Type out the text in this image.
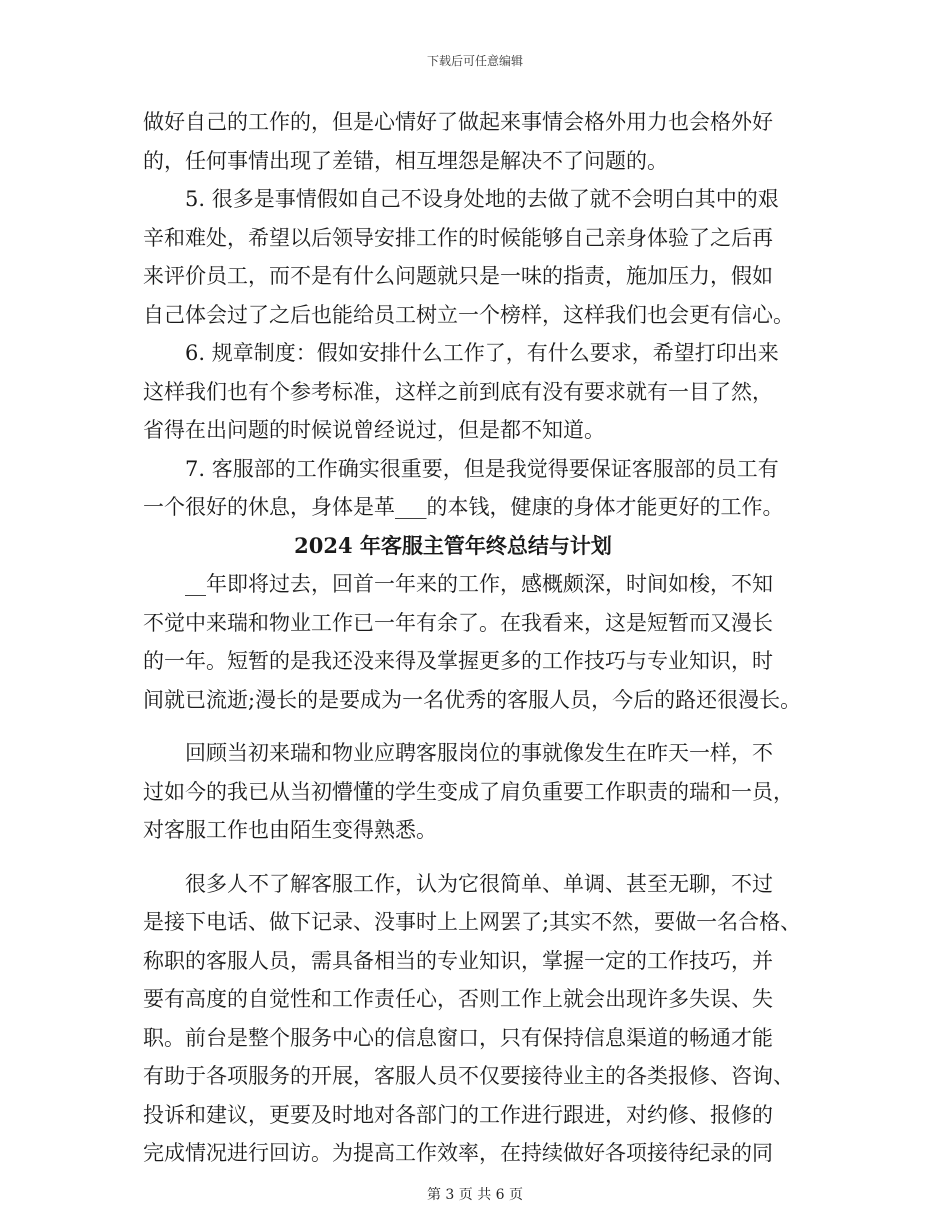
下载后可任意编辑
做好自己的工作的，但是心情好了做起来事情会格外用力也会格外好
的，任何事情出现了差错，相互埋怨是解决不了问题的。
5. 很多是事情假如自己不设身处地的去做了就不会明白其中的艰
辛和难处，希望以后领导安排工作的时候能够自己亲身体验了之后再
来评价员工，而不是有什么问题就只是一味的指责，施加压力，假如
自己体会过了之后也能给员工树立一个榜样，这样我们也会更有信心。
6. 规章制度：假如安排什么工作了，有什么要求，希望打印出来
这样我们也有个参考标准，这样之前到底有没有要求就有一目了然，
省得在出问题的时候说曾经说过，但是都不知道。
7. 客服部的工作确实很重要，但是我觉得要保证客服部的员工有
一个很好的休息，身体是革___的本钱，健康的身体才能更好的工作。
2024 年客服主管年终总结与计划
__年即将过去，回首一年来的工作，感概颇深，时间如梭，不知
不觉中来瑞和物业工作已一年有余了。在我看来，这是短暂而又漫长
的一年。短暂的是我还没来得及掌握更多的工作技巧与专业知识，时
间就已流逝;漫长的是要成为一名优秀的客服人员，今后的路还很漫长。
回顾当初来瑞和物业应聘客服岗位的事就像发生在昨天一样，不
过如今的我已从当初懵懂的学生变成了肩负重要工作职责的瑞和一员，
对客服工作也由陌生变得熟悉。
很多人不了解客服工作，认为它很简单、单调、甚至无聊，不过
是接下电话、做下记录、没事时上上网罢了;其实不然，要做一名合格、
称职的客服人员，需具备相当的专业知识，掌握一定的工作技巧，并
要有高度的自觉性和工作责任心，否则工作上就会出现许多失误、失
职。前台是整个服务中心的信息窗口，只有保持信息渠道的畅通才能
有助于各项服务的开展，客服人员不仅要接待业主的各类报修、咨询、
投诉和建议，更要及时地对各部门的工作进行跟进，对约修、报修的
完成情况进行回访。为提高工作效率，在持续做好各项接待纪录的同
第 3 页 共 6 页
